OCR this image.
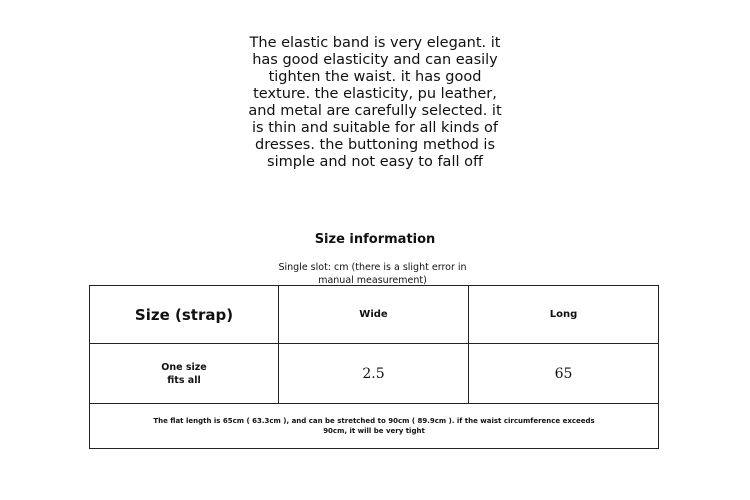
The elastic band is very elegant. it
has good elasticity and can easily
tighten the waist. it has good
texture. the elasticity, pu leather,
and metal are carefully selected. it
is thin and suitable for all kinds of
dresses. the buttoning method is
simple and not easy to fall off
Size information
Single slot: cm (there is a slight error in
manual measurement)
Size (strap)	Wide	Long

One size
fits all	2.5	65
The flat length is 65cm ( 63.3cm ), and can be stretched to 90cm ( 89.9cm ). if the waist circumference exceeds 90cm, it will be very tight		
